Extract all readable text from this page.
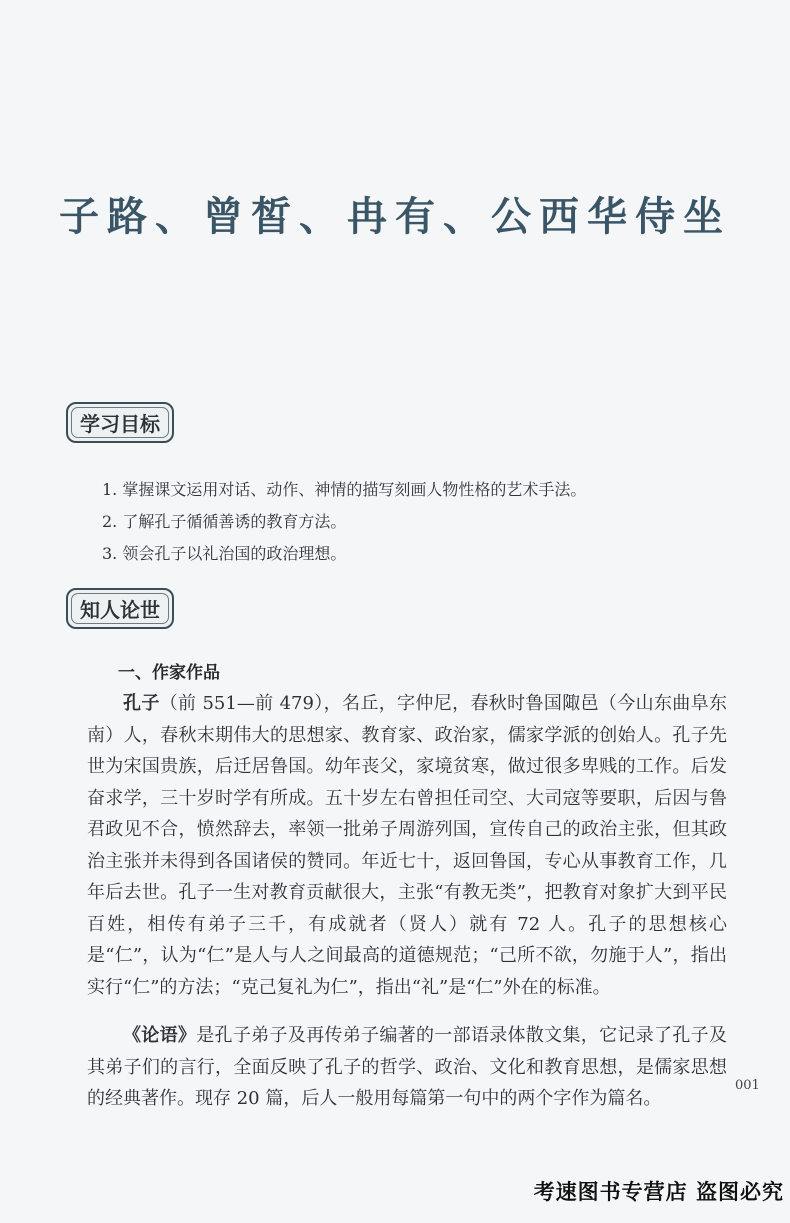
子路、曾皙、冉有、公西华侍坐
学习目标
1. 掌握课文运用对话、动作、神情的描写刻画人物性格的艺术手法。
2. 了解孔子循循善诱的教育方法。
3. 领会孔子以礼治国的政治理想。
知人论世
一、作家作品

孔子（前 551—前 479），名丘，字仲尼，春秋时鲁国陬邑（今山东曲阜东南）人，春秋末期伟大的思想家、教育家、政治家，儒家学派的创始人。孔子先世为宋国贵族，后迁居鲁国。幼年丧父，家境贫寒，做过很多卑贱的工作。后发奋求学，三十岁时学有所成。五十岁左右曾担任司空、大司寇等要职，后因与鲁君政见不合，愤然辞去，率领一批弟子周游列国，宣传自己的政治主张，但其政治主张并未得到各国诸侯的赞同。年近七十，返回鲁国，专心从事教育工作，几年后去世。孔子一生对教育贡献很大，主张“有教无类”，把教育对象扩大到平民百姓，相传有弟子三千，有成就者（贤人）就有 72 人。孔子的思想核心是“仁”，认为“仁”是人与人之间最高的道德规范；“己所不欲，勿施于人”，指出实行“仁”的方法；“克己复礼为仁”，指出“礼”是“仁”外在的标准。

《论语》是孔子弟子及再传弟子编著的一部语录体散文集，它记录了孔子及其弟子们的言行，全面反映了孔子的哲学、政治、文化和教育思想，是儒家思想的经典著作。现存 20 篇，后人一般用每篇第一句中的两个字作为篇名。

001
考速图书专营店 盗图必究
